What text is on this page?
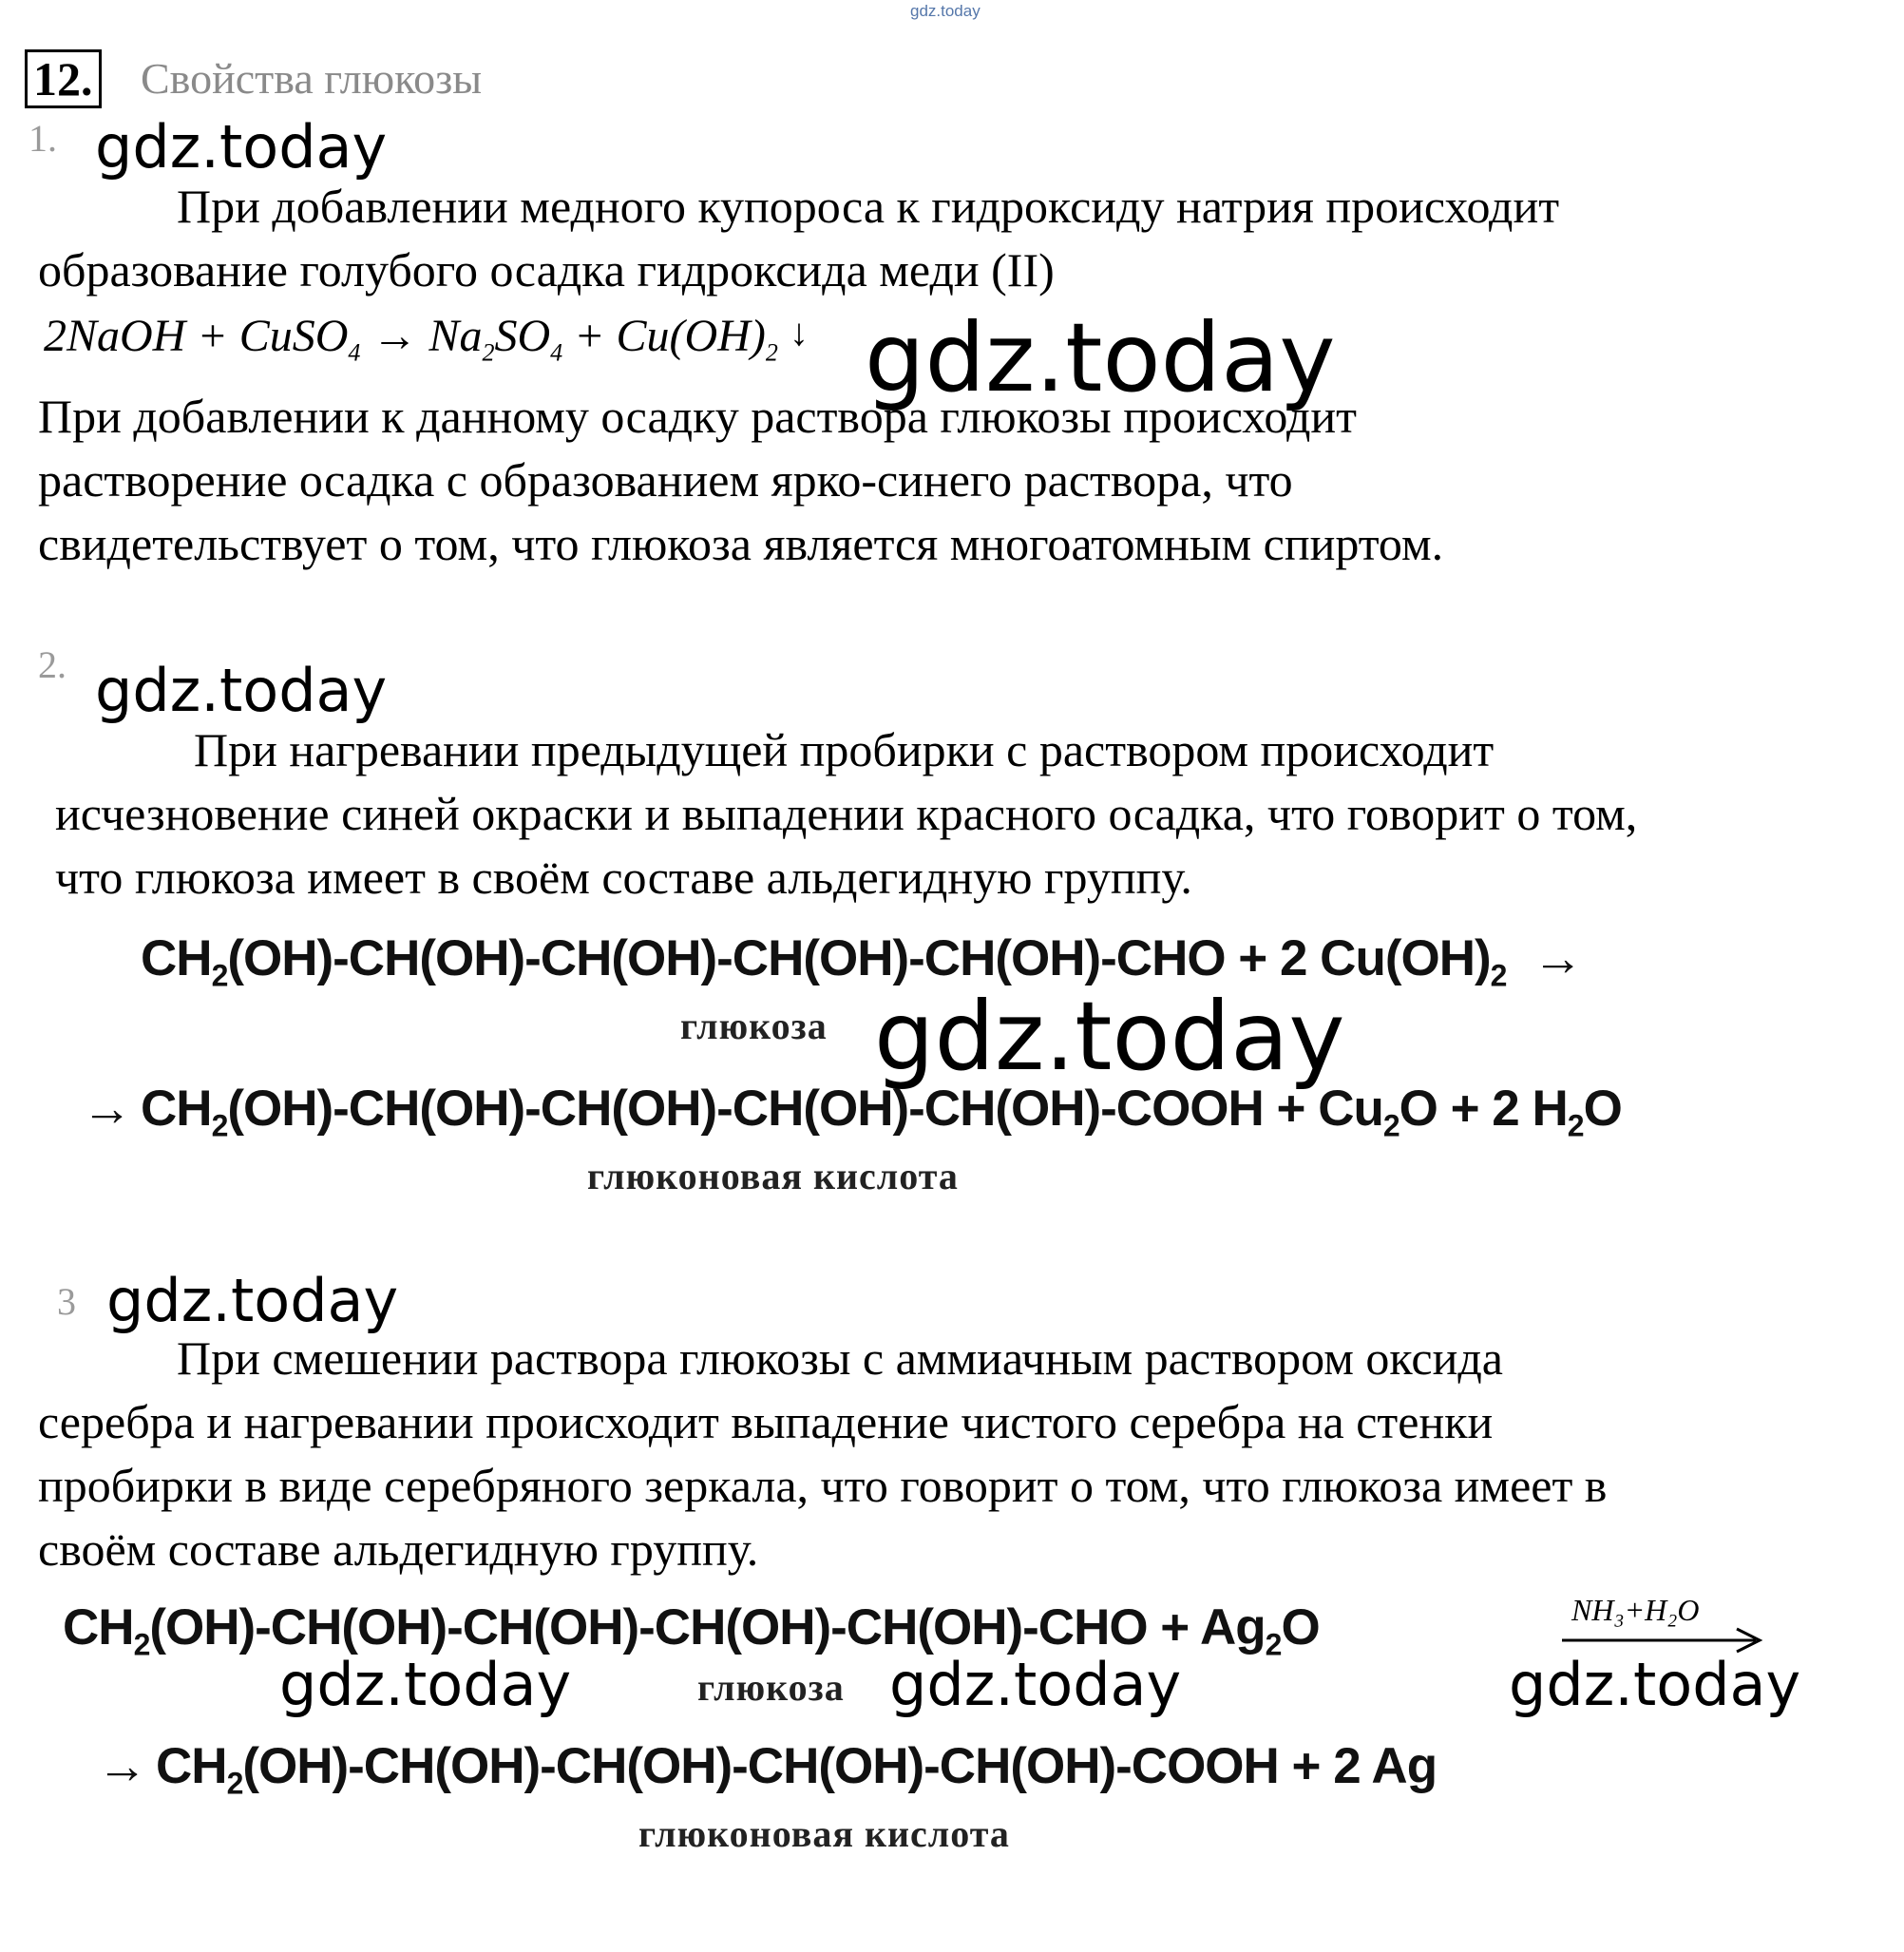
gdz.today
12. Свойства глюкозы
1. gdz.today
При добавлении медного купороса к гидроксиду натрия происходит
образование голубого осадка гидроксида меди (II)
2NaOH + CuSO$_4$ → $Na_2SO_4 + Cu(OH)_2$ ↓ gdz.today
При добавлении к данному осадку раствора глюкозы происходит
растворение осадка с образованием ярко-синего раствора, что
свидетельствует о том, что глюкоза является многоатомным спиртом.
2. gdz.today
При нагревании предыдущей пробирки с раствором происходит
исчезновение синей окраски и выпадении красного осадка, что говорит о том,
что глюкоза имеет в своём составе альдегидную группу.
$CH_2(OH)-CH(OH)-CH(OH)-CH(OH)-CH(OH)$-CHO + 2 $Cu(OH)_2$ →
глюкоза gdz.today
→ $CH_2(OH)-CH(OH)-CH(OH)-CH(OH)-CH(OH)$-COOH + $Cu_2O + 2$ $H_2O$
глюконовая кислота
3 gdz.today
При смешении раствора глюкозы с аммиачным раствором оксида
серебра и нагревании происходит выпадение чистого серебра на стенки
пробирки в виде серебряного зеркала, что говорит о том, что глюкоза имеет в
своём составе альдегидную группу.
$CH_2(OH)-CH(OH)-CH(OH)-CH(OH)-CH(OH)$-CHO + $Ag_2O$	NH₃+H₂O
gdz.today	глюкоза gdz.today	gdz.today
→ $CH_2(OH)-CH(OH)-CH(OH)-CH(OH)-CH(OH)$-COOH + 2 Ag
глюконовая кислота
